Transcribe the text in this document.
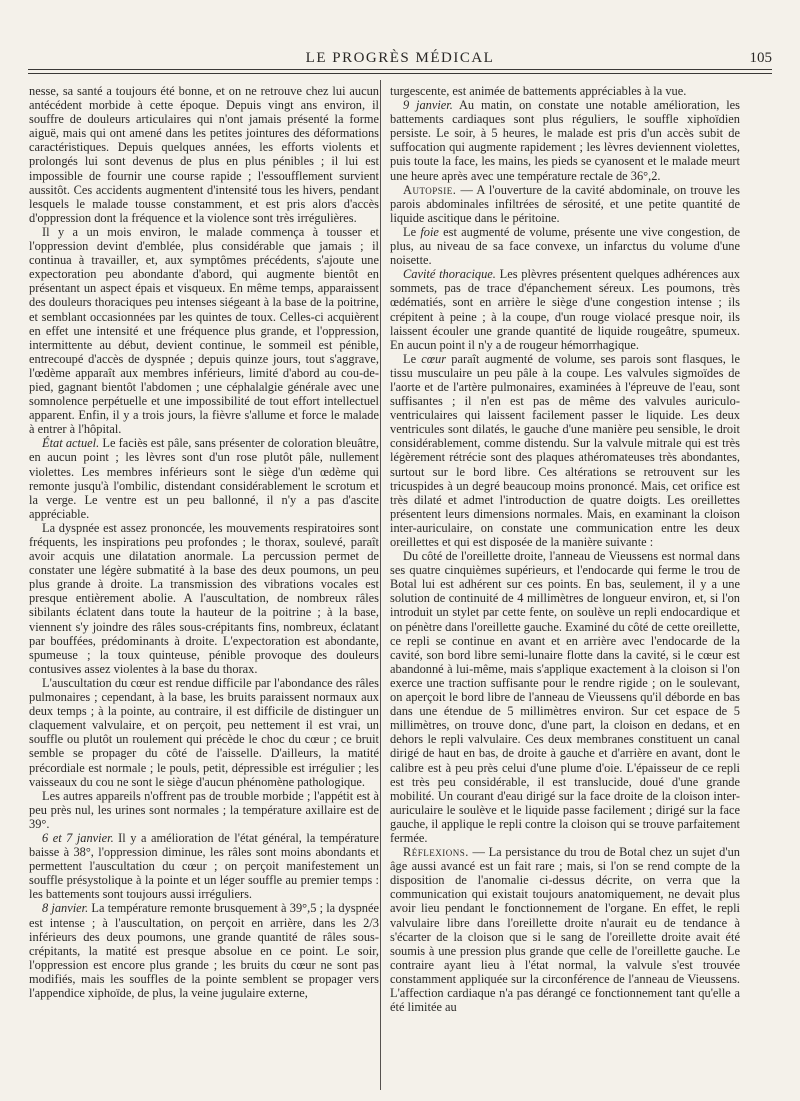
LE PROGRÈS MÉDICAL	105

nesse, sa santé a toujours été bonne, et on ne retrouve chez lui aucun antécédent morbide à cette époque. Depuis vingt ans environ, il souffre de douleurs articulaires qui n'ont jamais présenté la forme aiguë, mais qui ont amené dans les petites jointures des déformations caractéristiques. Depuis quelques années, les efforts violents et prolongés lui sont devenus de plus en plus pénibles ; il lui est impossible de fournir une course rapide ; l'essoufflement survient aussitôt. Ces accidents augmentent d'intensité tous les hivers, pendant lesquels le malade tousse constamment, et est pris alors d'accès d'oppression dont la fréquence et la violence sont très irrégulières.

Il y a un mois environ, le malade commença à tousser et l'oppression devint d'emblée, plus considérable que jamais ; il continua à travailler, et, aux symptômes précédents, s'ajoute une expectoration peu abondante d'abord, qui augmente bientôt en présentant un aspect épais et visqueux. En même temps, apparaissent des douleurs thoraciques peu intenses siégeant à la base de la poitrine, et semblant occasionnées par les quintes de toux. Celles-ci acquièrent en effet une intensité et une fréquence plus grande, et l'oppression, intermittente au début, devient continue, le sommeil est pénible, entrecoupé d'accès de dyspnée ; depuis quinze jours, tout s'aggrave, l'œdème apparaît aux membres inférieurs, limité d'abord au cou-de-pied, gagnant bientôt l'abdomen ; une céphalalgie générale avec une somnolence perpétuelle et une impossibilité de tout effort intellectuel apparent. Enfin, il y a trois jours, la fièvre s'allume et force le malade à entrer à l'hôpital.

État actuel. Le faciès est pâle, sans présenter de coloration bleuâtre, en aucun point ; les lèvres sont d'un rose plutôt pâle, nullement violettes. Les membres inférieurs sont le siège d'un œdème qui remonte jusqu'à l'ombilic, distendant considérablement le scrotum et la verge. Le ventre est un peu ballonné, il n'y a pas d'ascite appréciable.

La dyspnée est assez prononcée, les mouvements respiratoires sont fréquents, les inspirations peu profondes ; le thorax, soulevé, paraît avoir acquis une dilatation anormale. La percussion permet de constater une légère submatité à la base des deux poumons, un peu plus grande à droite. La transmission des vibrations vocales est presque entièrement abolie. A l'auscultation, de nombreux râles sibilants éclatent dans toute la hauteur de la poitrine ; à la base, viennent s'y joindre des râles sous-crépitants fins, nombreux, éclatant par bouffées, prédominants à droite. L'expectoration est abondante, spumeuse ; la toux quinteuse, pénible provoque des douleurs contusives assez violentes à la base du thorax.

L'auscultation du cœur est rendue difficile par l'abondance des râles pulmonaires ; cependant, à la base, les bruits paraissent normaux aux deux temps ; à la pointe, au contraire, il est difficile de distinguer un claquement valvulaire, et on perçoit, peu nettement il est vrai, un souffle ou plutôt un roulement qui précède le choc du cœur ; ce bruit semble se propager du côté de l'aisselle. D'ailleurs, la matité précordiale est normale ; le pouls, petit, dépressible est irrégulier ; les vaisseaux du cou ne sont le siège d'aucun phénomène pathologique.

Les autres appareils n'offrent pas de trouble morbide ; l'appétit est à peu près nul, les urines sont normales ; la température axillaire est de 39°.

6 et 7 janvier. Il y a amélioration de l'état général, la température baisse à 38°, l'oppression diminue, les râles sont moins abondants et permettent l'auscultation du cœur ; on perçoit manifestement un souffle présystolique à la pointe et un léger souffle au premier temps : les battements sont toujours aussi irréguliers.

8 janvier. La température remonte brusquement à 39°,5 ; la dyspnée est intense ; à l'auscultation, on perçoit en arrière, dans les 2/3 inférieurs des deux poumons, une grande quantité de râles sous-crépitants, la matité est presque absolue en ce point. Le soir, l'oppression est encore plus grande ; les bruits du cœur ne sont pas modifiés, mais les souffles de la pointe semblent se propager vers l'appendice xiphoïde, de plus, la veine jugulaire externe,

turgescente, est animée de battements appréciables à la vue.

9 janvier. Au matin, on constate une notable amélioration, les battements cardiaques sont plus réguliers, le souffle xiphoïdien persiste. Le soir, à 5 heures, le malade est pris d'un accès subit de suffocation qui augmente rapidement ; les lèvres deviennent violettes, puis toute la face, les mains, les pieds se cyanosent et le malade meurt une heure après avec une température rectale de 36°,2.

Autopsie. — A l'ouverture de la cavité abdominale, on trouve les parois abdominales infiltrées de sérosité, et une petite quantité de liquide ascitique dans le péritoine.

Le foie est augmenté de volume, présente une vive congestion, de plus, au niveau de sa face convexe, un infarctus du volume d'une noisette.

Cavité thoracique. Les plèvres présentent quelques adhérences aux sommets, pas de trace d'épanchement séreux. Les poumons, très œdématiés, sont en arrière le siège d'une congestion intense ; ils crépitent à peine ; à la coupe, d'un rouge violacé presque noir, ils laissent écouler une grande quantité de liquide rougeâtre, spumeux. En aucun point il n'y a de rougeur hémorrhagique.

Le cœur paraît augmenté de volume, ses parois sont flasques, le tissu musculaire un peu pâle à la coupe. Les valvules sigmoïdes de l'aorte et de l'artère pulmonaires, examinées à l'épreuve de l'eau, sont suffisantes ; il n'en est pas de même des valvules auriculo-ventriculaires qui laissent facilement passer le liquide. Les deux ventricules sont dilatés, le gauche d'une manière peu sensible, le droit considérablement, comme distendu. Sur la valvule mitrale qui est très légèrement rétrécie sont des plaques athéromateuses très abondantes, surtout sur le bord libre. Ces altérations se retrouvent sur les tricuspides à un degré beaucoup moins prononcé. Mais, cet orifice est très dilaté et admet l'introduction de quatre doigts. Les oreillettes présentent leurs dimensions normales. Mais, en examinant la cloison inter-auriculaire, on constate une communication entre les deux oreillettes et qui est disposée de la manière suivante :

Du côté de l'oreillette droite, l'anneau de Vieussens est normal dans ses quatre cinquièmes supérieurs, et l'endocarde qui ferme le trou de Botal lui est adhérent sur ces points. En bas, seulement, il y a une solution de continuité de 4 millimètres de longueur environ, et, si l'on introduit un stylet par cette fente, on soulève un repli endocardique et on pénètre dans l'oreillette gauche. Examiné du côté de cette oreillette, ce repli se continue en avant et en arrière avec l'endocarde de la cavité, son bord libre semi-lunaire flotte dans la cavité, si le cœur est abandonné à lui-même, mais s'applique exactement à la cloison si l'on exerce une traction suffisante pour le rendre rigide ; on le soulevant, on aperçoit le bord libre de l'anneau de Vieussens qu'il déborde en bas dans une étendue de 5 millimètres environ. Sur cet espace de 5 millimètres, on trouve donc, d'une part, la cloison en dedans, et en dehors le repli valvulaire. Ces deux membranes constituent un canal dirigé de haut en bas, de droite à gauche et d'arrière en avant, dont le calibre est à peu près celui d'une plume d'oie. L'épaisseur de ce repli est très peu considérable, il est translucide, doué d'une grande mobilité. Un courant d'eau dirigé sur la face droite de la cloison inter-auriculaire le soulève et le liquide passe facilement ; dirigé sur la face gauche, il applique le repli contre la cloison qui se trouve parfaitement fermée.

Réflexions. — La persistance du trou de Botal chez un sujet d'un âge aussi avancé est un fait rare ; mais, si l'on se rend compte de la disposition de l'anomalie ci-dessus décrite, on verra que la communication qui existait toujours anatomiquement, ne devait plus avoir lieu pendant le fonctionnement de l'organe. En effet, le repli valvulaire libre dans l'oreillette droite n'aurait eu de tendance à s'écarter de la cloison que si le sang de l'oreillette droite avait été soumis à une pression plus grande que celle de l'oreillette gauche. Le contraire ayant lieu à l'état normal, la valvule s'est trouvée constamment appliquée sur la circonférence de l'anneau de Vieussens. L'affection cardiaque n'a pas dérangé ce fonctionnement tant qu'elle a été limitée au
